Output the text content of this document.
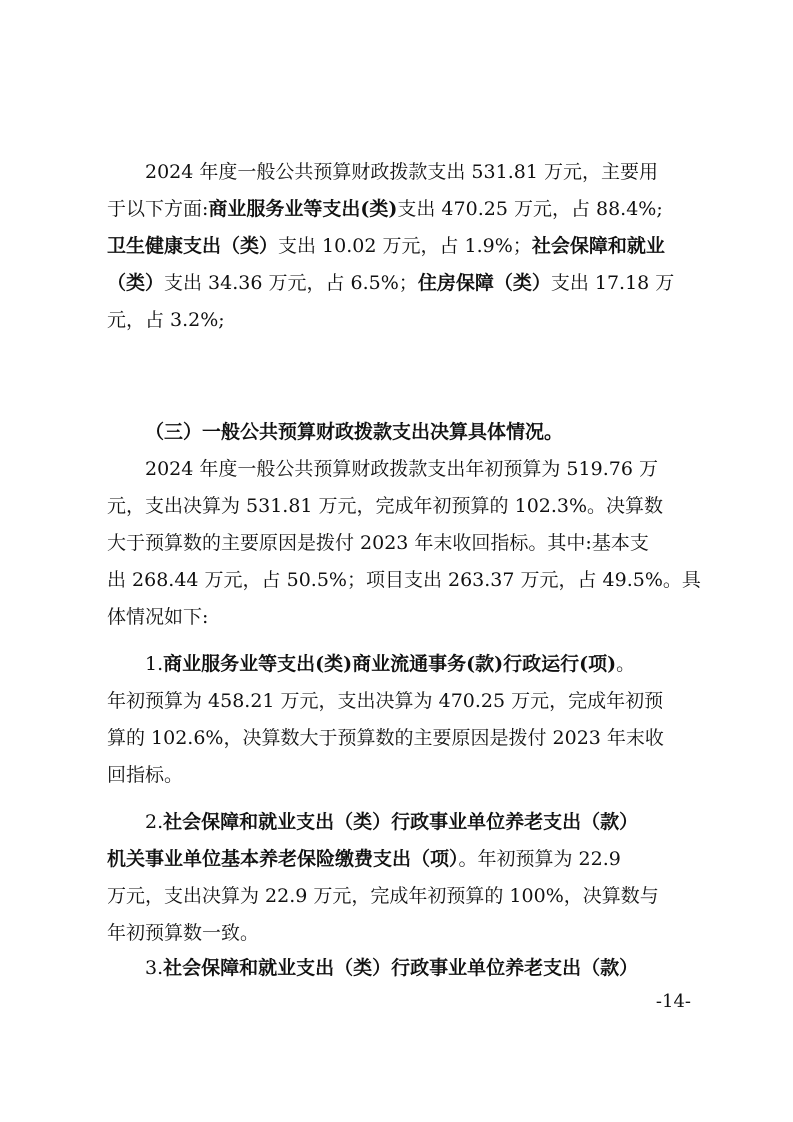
2024 年度一般公共预算财政拨款支出 531.81 万元，主要用
于以下方面:商业服务业等支出(类)支出 470.25 万元，占 88.4%;
卫生健康支出（类）支出 10.02 万元，占 1.9%；社会保障和就业
（类）支出 34.36 万元，占 6.5%；住房保障（类）支出 17.18 万
元，占 3.2%;
（三）一般公共预算财政拨款支出决算具体情况。
2024 年度一般公共预算财政拨款支出年初预算为 519.76 万
元，支出决算为 531.81 万元，完成年初预算的 102.3%。决算数
大于预算数的主要原因是拨付 2023 年末收回指标。其中:基本支
出 268.44 万元，占 50.5%；项目支出 263.37 万元，占 49.5%。具
体情况如下:
1.商业服务业等支出(类)商业流通事务(款)行政运行(项)。
年初预算为 458.21 万元，支出决算为 470.25 万元，完成年初预
算的 102.6%，决算数大于预算数的主要原因是拨付 2023 年末收
回指标。
2.社会保障和就业支出（类）行政事业单位养老支出（款）
机关事业单位基本养老保险缴费支出（项）。年初预算为 22.9
万元，支出决算为 22.9 万元，完成年初预算的 100%，决算数与
年初预算数一致。
3.社会保障和就业支出（类）行政事业单位养老支出（款）
-14-
